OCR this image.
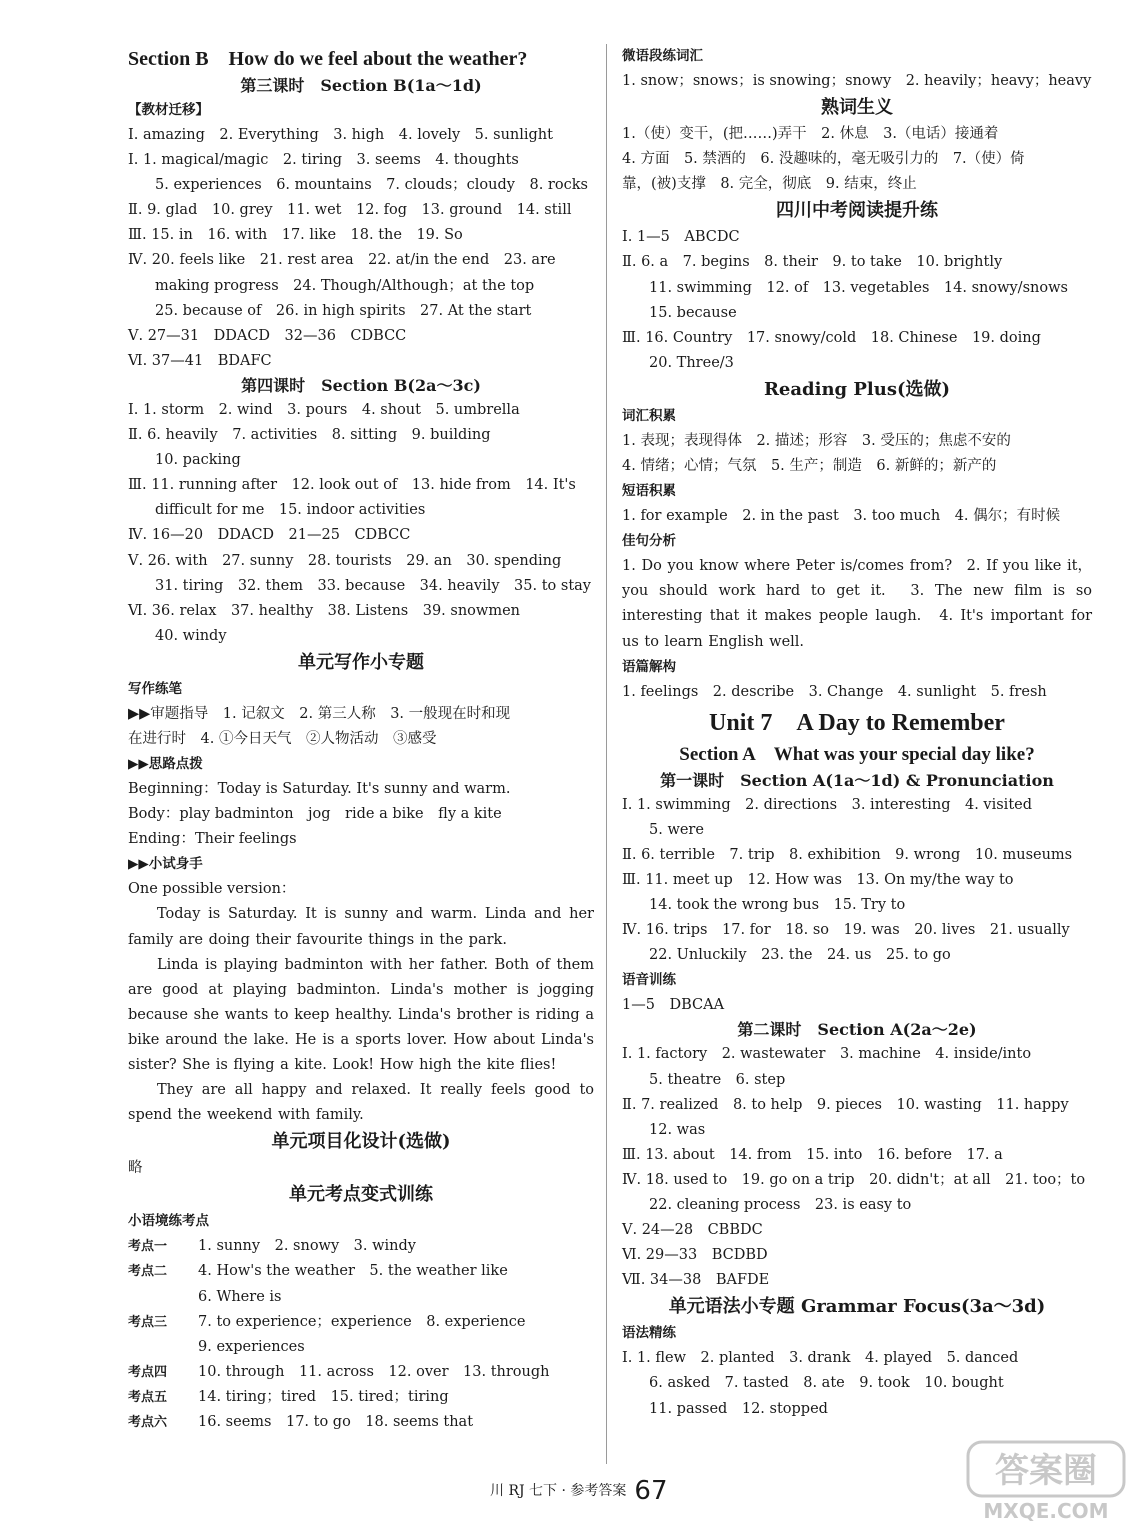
Section B　How do we feel about the weather?
第三课时　Section B(1a～1d)
【教材迁移】
Ⅰ. amazing　2. Everything　3. high　4. lovely　5. sunlight
Ⅰ. 1. magical/magic　2. tiring　3. seems　4. thoughts
5. experiences　6. mountains　7. clouds；cloudy　8. rocks
Ⅱ. 9. glad　10. grey　11. wet　12. fog　13. ground　14. still
Ⅲ. 15. in　16. with　17. like　18. the　19. So
Ⅳ. 20. feels like　21. rest area　22. at/in the end　23. are
making progress　24. Though/Although；at the top
25. because of　26. in high spirits　27. At the start
Ⅴ. 27—31　DDACD　32—36　CDBCC
Ⅵ. 37—41　BDAFC
第四课时　Section B(2a～3c)
Ⅰ. 1. storm　2. wind　3. pours　4. shout　5. umbrella
Ⅱ. 6. heavily　7. activities　8. sitting　9. building
10. packing
Ⅲ. 11. running after　12. look out of　13. hide from　14. It's
difficult for me　15. indoor activities
Ⅳ. 16—20　DDACD　21—25　CDBCC
Ⅴ. 26. with　27. sunny　28. tourists　29. an　30. spending
31. tiring　32. them　33. because　34. heavily　35. to stay
Ⅵ. 36. relax　37. healthy　38. Listens　39. snowmen
40. windy
单元写作小专题
写作练笔
▶▶审题指导　1. 记叙文　2. 第三人称　3. 一般现在时和现
在进行时　4. ①今日天气　②人物活动　③感受
▶▶思路点拨
Beginning：Today is Saturday. It's sunny and warm.
Body：play badminton　jog　ride a bike　fly a kite
Ending：Their feelings
▶▶小试身手
One possible version：
Today is Saturday. It is sunny and warm. Linda and her family are doing their favourite things in the park.
Linda is playing badminton with her father. Both of them are good at playing badminton. Linda's mother is jogging because she wants to keep healthy. Linda's brother is riding a bike around the lake. He is a sports lover. How about Linda's sister? She is flying a kite. Look! How high the kite flies!
They are all happy and relaxed. It really feels good to spend the weekend with family.
单元项目化设计(选做)
略
单元考点变式训练
小语境练考点
考点一	1. sunny　2. snowy　3. windy
考点二	4. How's the weather　5. the weather like
6. Where is
考点三	7. to experience；experience　8. experience
9. experiences
考点四	10. through　11. across　12. over　13. through
考点五	14. tiring；tired　15. tired；tiring
考点六	16. seems　17. to go　18. seems that
微语段练词汇
1. snow；snows；is snowing；snowy　2. heavily；heavy；heavy
熟词生义
1.（使）变干，(把……)弄干　2. 休息　3.（电话）接通着
4. 方面　5. 禁酒的　6. 没趣味的，毫无吸引力的　7.（使）倚
靠，(被)支撑　8. 完全，彻底　9. 结束，终止
四川中考阅读提升练
Ⅰ. 1—5　ABCDC
Ⅱ. 6. a　7. begins　8. their　9. to take　10. brightly
11. swimming　12. of　13. vegetables　14. snowy/snows
15. because
Ⅲ. 16. Country　17. snowy/cold　18. Chinese　19. doing
20. Three/3
Reading Plus(选做)
词汇积累
1. 表现；表现得体　2. 描述；形容　3. 受压的；焦虑不安的
4. 情绪；心情；气氛　5. 生产；制造　6. 新鲜的；新产的
短语积累
1. for example　2. in the past　3. too much　4. 偶尔；有时候
佳句分析
1. Do you know where Peter is/comes from?　2. If you like it，you should work hard to get it.　3. The new film is so interesting that it makes people laugh.　4. It's important for us to learn English well.
语篇解构
1. feelings　2. describe　3. Change　4. sunlight　5. fresh
Unit 7　A Day to Remember
Section A　What was your special day like?
第一课时　Section A(1a～1d) & Pronunciation
Ⅰ. 1. swimming　2. directions　3. interesting　4. visited
5. were
Ⅱ. 6. terrible　7. trip　8. exhibition　9. wrong　10. museums
Ⅲ. 11. meet up　12. How was　13. On my/the way to
14. took the wrong bus　15. Try to
Ⅳ. 16. trips　17. for　18. so　19. was　20. lives　21. usually
22. Unluckily　23. the　24. us　25. to go
语音训练
1—5　DBCAA
第二课时　Section A(2a～2e)
Ⅰ. 1. factory　2. wastewater　3. machine　4. inside/into
5. theatre　6. step
Ⅱ. 7. realized　8. to help　9. pieces　10. wasting　11. happy
12. was
Ⅲ. 13. about　14. from　15. into　16. before　17. a
Ⅳ. 18. used to　19. go on a trip　20. didn't；at all　21. too；to
22. cleaning process　23. is easy to
Ⅴ. 24—28　CBBDC
Ⅵ. 29—33　BCDBD
Ⅶ. 34—38　BAFDE
单元语法小专题 Grammar Focus(3a～3d)
语法精练
Ⅰ. 1. flew　2. planted　3. drank　4. played　5. danced
6. asked　7. tasted　8. ate　9. took　10. bought
11. passed　12. stopped
川 RJ 七下 · 参考答案 67	答案圈
MXQE.COM
